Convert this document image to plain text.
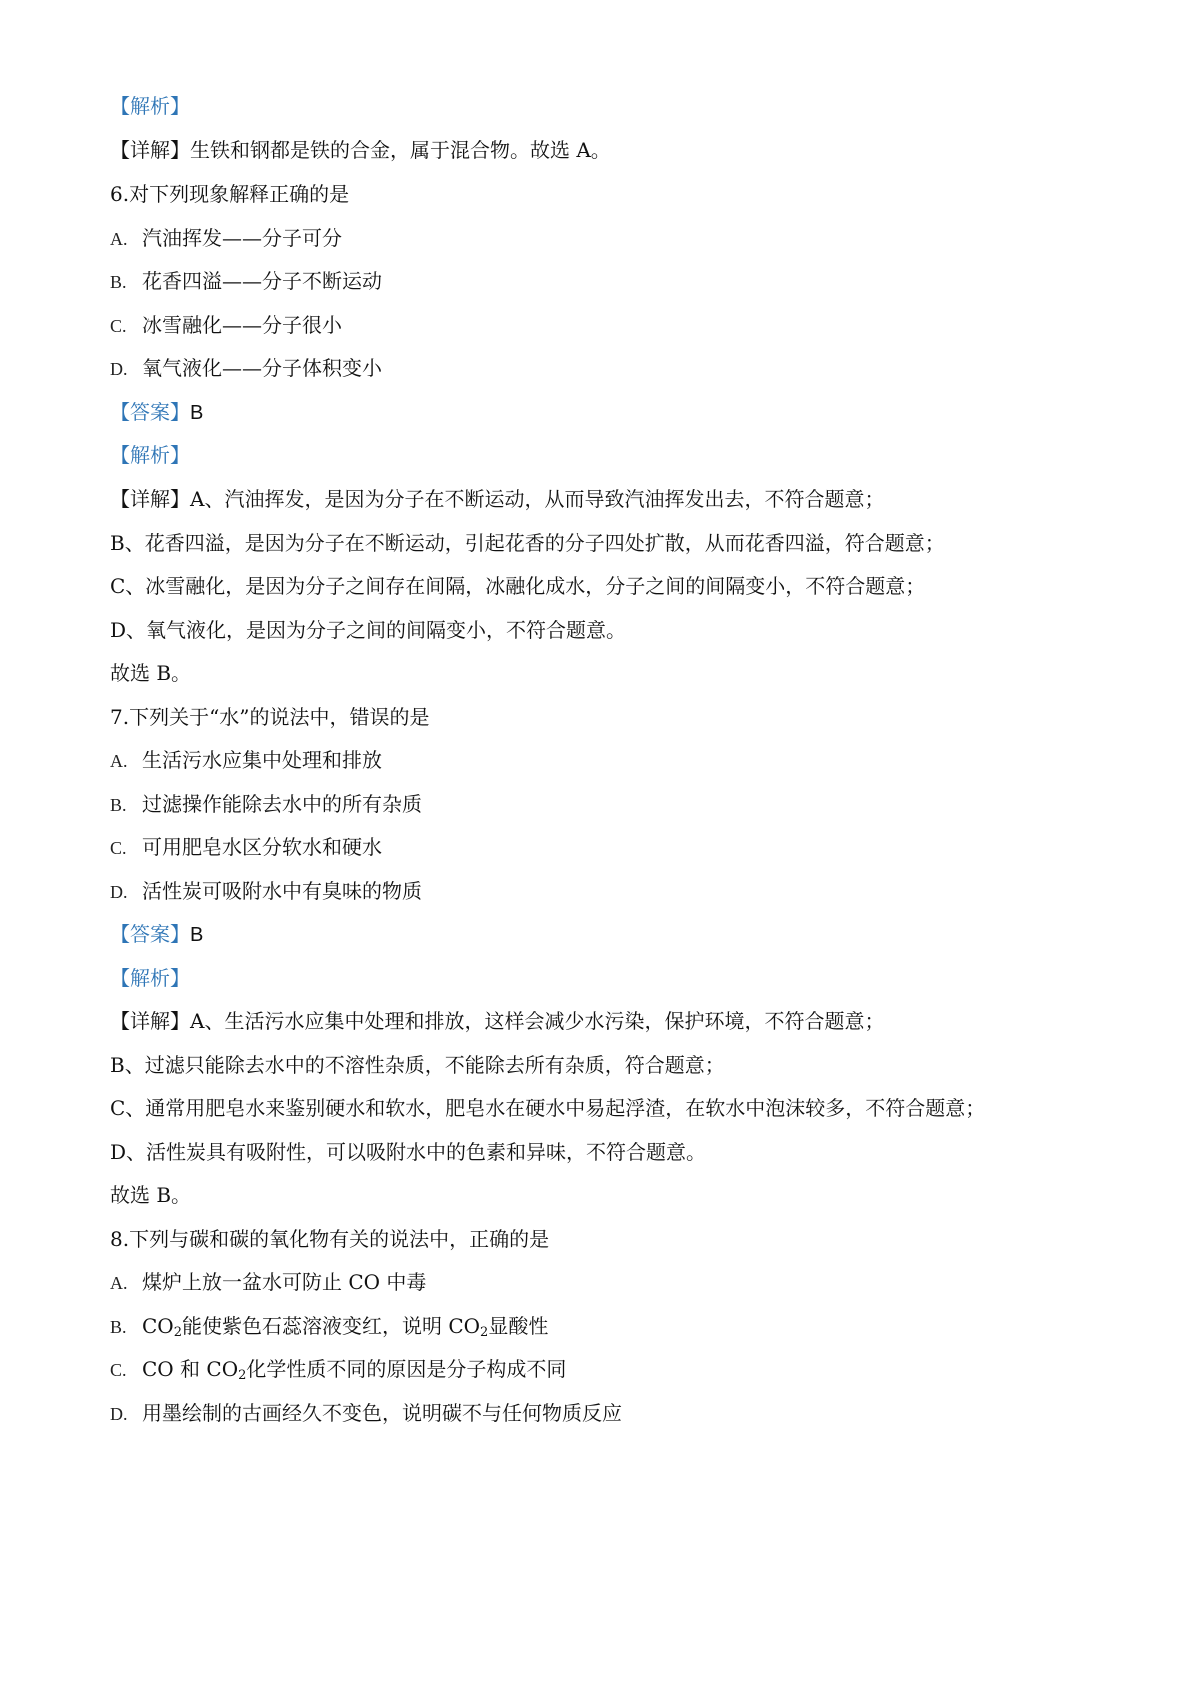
【解析】
【详解】生铁和钢都是铁的合金，属于混合物。故选 A。
6.对下列现象解释正确的是
A. 汽油挥发——分子可分
B. 花香四溢——分子不断运动
C. 冰雪融化——分子很小
D. 氧气液化——分子体积变小
【答案】B
【解析】
【详解】A、汽油挥发，是因为分子在不断运动，从而导致汽油挥发出去，不符合题意；
B、花香四溢，是因为分子在不断运动，引起花香的分子四处扩散，从而花香四溢，符合题意；
C、冰雪融化，是因为分子之间存在间隔，冰融化成水，分子之间的间隔变小，不符合题意；
D、氧气液化，是因为分子之间的间隔变小，不符合题意。
故选 B。
7.下列关于“水”的说法中，错误的是
A. 生活污水应集中处理和排放
B. 过滤操作能除去水中的所有杂质
C. 可用肥皂水区分软水和硬水
D. 活性炭可吸附水中有臭味的物质
【答案】B
【解析】
【详解】A、生活污水应集中处理和排放，这样会减少水污染，保护环境，不符合题意；
B、过滤只能除去水中的不溶性杂质，不能除去所有杂质，符合题意；
C、通常用肥皂水来鉴别硬水和软水，肥皂水在硬水中易起浮渣，在软水中泡沫较多，不符合题意；
D、活性炭具有吸附性，可以吸附水中的色素和异味，不符合题意。
故选 B。
8.下列与碳和碳的氧化物有关的说法中，正确的是
A. 煤炉上放一盆水可防止 CO 中毒
B. $CO_2$能使紫色石蕊溶液变红，说明 $CO_2$显酸性
C. CO 和 $CO_2$化学性质不同的原因是分子构成不同
D. 用墨绘制的古画经久不变色，说明碳不与任何物质反应
